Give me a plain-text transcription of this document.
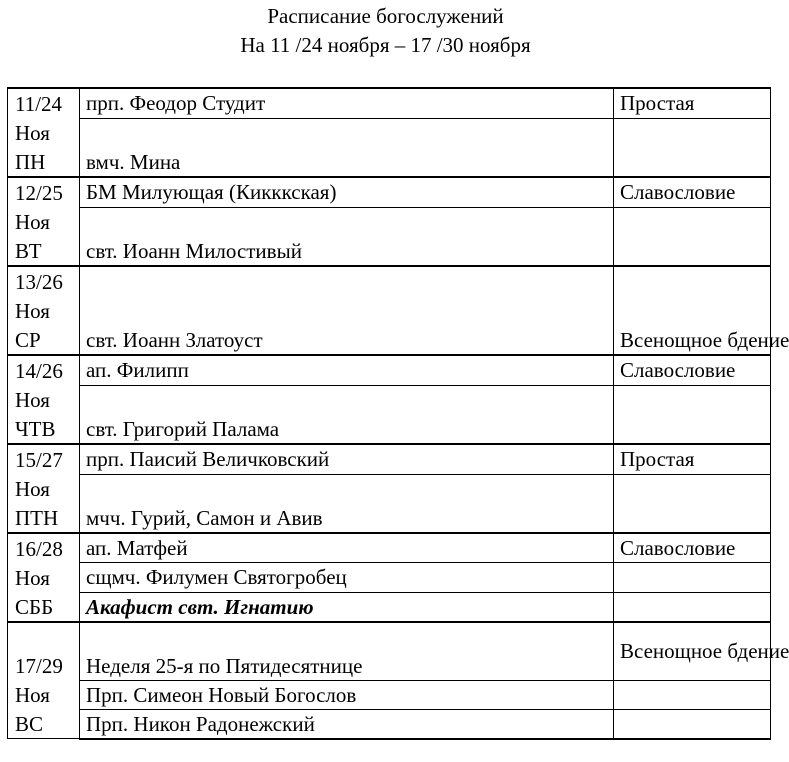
Расписание богослужений
На 11 /24 ноября – 17 /30 ноября
11/24
Ноя
ПН	прп. Феодор Студит	Простая
	вмч. Мина	

12/25
Ноя
ВТ	БМ Милующая (Кикккская)	Славословие
	свт. Иоанн Милостивый	

13/26
Ноя
СР	свт. Иоанн Златоуст	Всенощное бдение

14/26
Ноя
ЧТВ	ап. Филипп	Славословие
	свт. Григорий Палама	

15/27
Ноя
ПТН	прп. Паисий Величковский	Простая
	мчч. Гурий, Самон и Авив	

16/28
Ноя
СББ	ап. Матфей	Славословие
	сщмч. Филумен Святогробец	
	Акафист свт. Игнатию	

17/29
Ноя
ВС	Неделя 25-я по Пятидесятнице	Всенощное бдение
	Прп. Симеон Новый Богослов	
	Прп. Никон Радонежский	
